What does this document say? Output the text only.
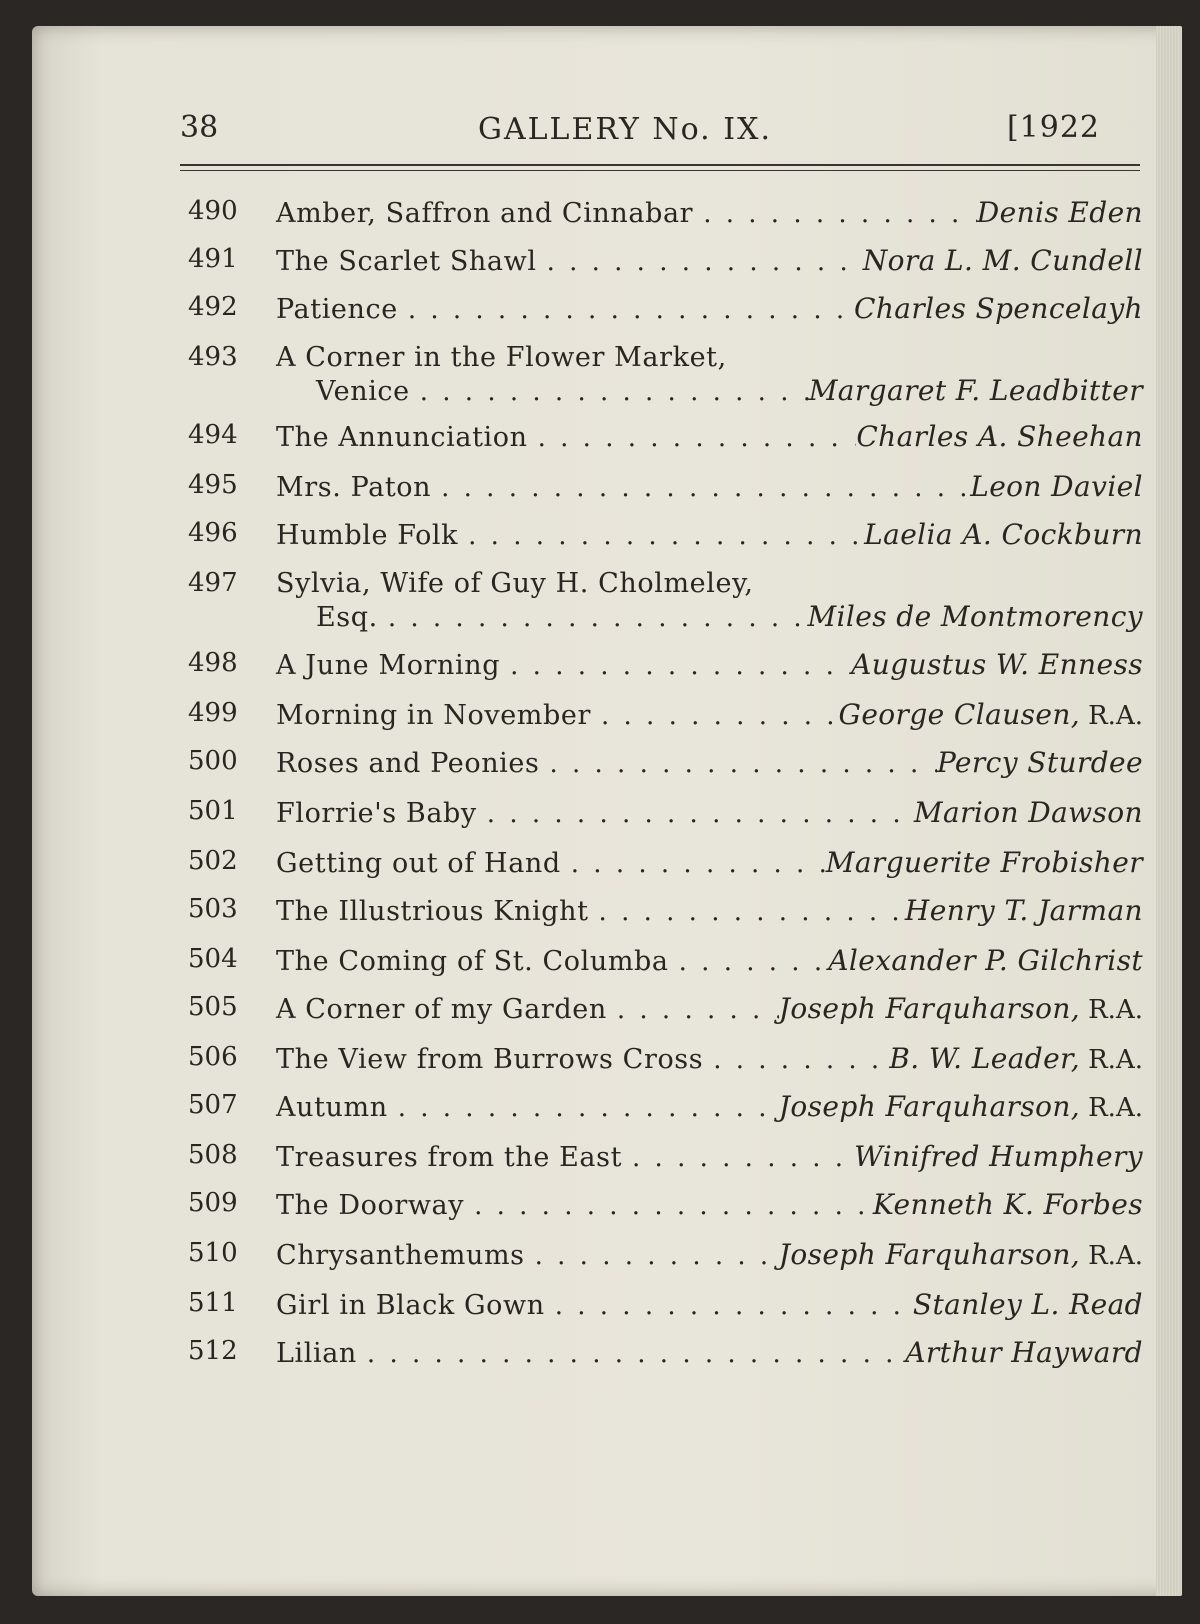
38	GALLERY No. IX.	[1922
490	Amber, Saffron and Cinnabar . . .	Denis Eden
491	The Scarlet Shawl . . .	Nora L. M. Cundell
492	Patience . . .	Charles Spencelayh
493	A Corner in the Flower Market,
Venice . . .	Margaret F. Leadbitter
494	The Annunciation . . .	Charles A. Sheehan
495	Mrs. Paton . . .	Leon Daviel
496	Humble Folk . . .	Laelia A. Cockburn
497	Sylvia, Wife of Guy H. Cholmeley,
Esq. . . .	Miles de Montmorency
498	A June Morning . . .	Augustus W. Enness
499	Morning in November . . .	George Clausen, R.A.
500	Roses and Peonies . . .	Percy Sturdee
501	Florrie's Baby . . .	Marion Dawson
502	Getting out of Hand . . .	Marguerite Frobisher
503	The Illustrious Knight . . .	Henry T. Jarman
504	The Coming of St. Columba . . .	Alexander P. Gilchrist
505	A Corner of my Garden . . .	Joseph Farquharson, R.A.
506	The View from Burrows Cross . . .	B. W. Leader, R.A.
507	Autumn . . .	Joseph Farquharson, R.A.
508	Treasures from the East . . .	Winifred Humphery
509	The Doorway . . .	Kenneth K. Forbes
510	Chrysanthemums . . .	Joseph Farquharson, R.A.
511	Girl in Black Gown . . .	Stanley L. Read
512	Lilian . . .	Arthur Hayward
